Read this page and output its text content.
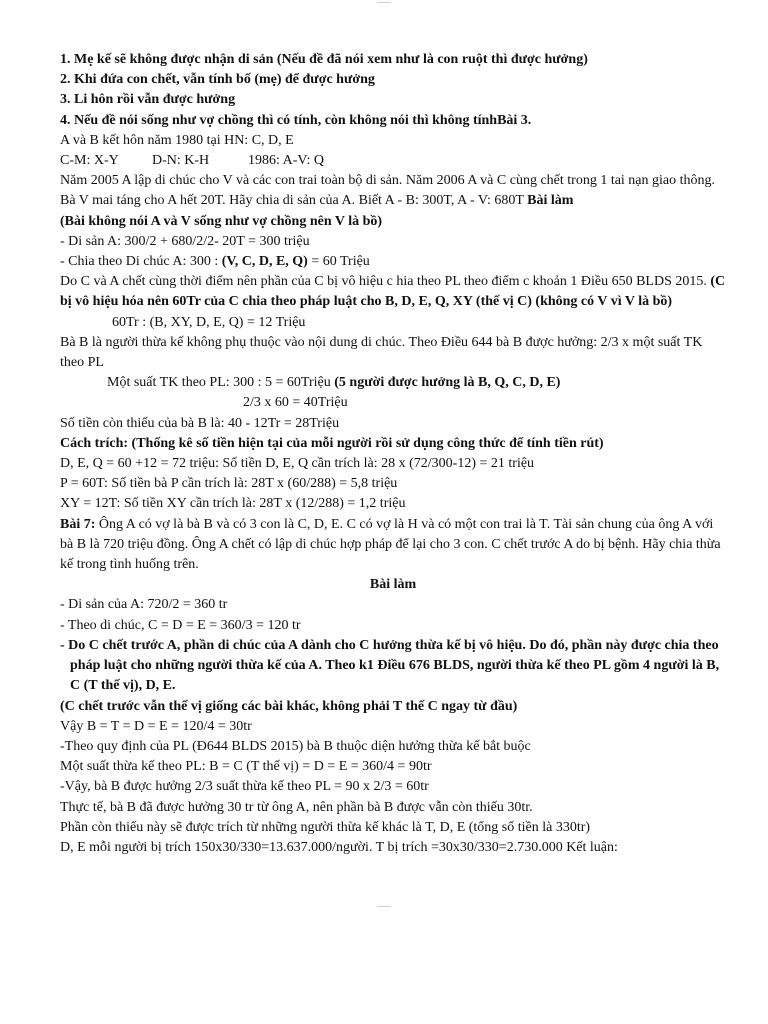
1. Mẹ kế sẽ không được nhận di sản (Nếu đề đã nói xem như là con ruột thì được hưởng)

2. Khi đứa con chết, vẫn tính bố (mẹ) để được hưởng

3. Li hôn rồi vẫn được hưởng

4. Nếu đề nói sống như vợ chồng thì có tính, còn không nói thì không tínhBài 3.

A và B kết hôn năm 1980 tại HN: C, D, E

C-M: X-Y D-N: K-H	1986: A-V: Q

Năm 2005 A lập di chúc cho V và các con trai toàn bộ di sản. Năm 2006 A và C cùng chết trong 1 tai nạn giao thông. Bà V mai táng cho A hết 20T. Hãy chia di sản của A. Biết A - B: 300T, A - V: 680T Bài làm

(Bài không nói A và V sống như vợ chồng nên V là bồ)

- Di sản A: 300/2 + 680/2/2- 20T = 300 triệu

- Chia theo Di chúc A: 300 : (V, C, D, E, Q) = 60 Triệu

Do C và A chết cùng thời điểm nên phần của C bị vô hiệu c hia theo PL theo điểm c khoản 1 Điều 650 BLDS 2015. (C bị vô hiệu hóa nên 60Tr của C chia theo pháp luật cho B, D, E, Q, XY (thế vị C) (không có V vì V là bồ)

60Tr : (B, XY, D, E, Q) = 12 Triệu

Bà B là người thừa kế không phụ thuộc vào nội dung di chúc. Theo Điều 644 bà B được hưởng: 2/3 x một suất TK theo PL

Một suất TK theo PL: 300 : 5 = 60Triệu (5 người được hưởng là B, Q, C, D, E)

2/3 x 60 = 40Triệu

Số tiền còn thiếu của bà B là: 40 - 12Tr = 28Triệu

Cách trích: (Thống kê số tiền hiện tại của mỗi người rồi sử dụng công thức để tính tiền rút)

D, E, Q = 60 +12 = 72 triệu: Số tiền D, E, Q cần trích là: 28 x (72/300-12) = 21 triệu

P = 60T: Số tiền bà P cần trích là: 28T x (60/288) = 5,8 triệu

XY = 12T: Số tiền XY cần trích là: 28T x (12/288) = 1,2 triệu

Bài 7: Ông A có vợ là bà B và có 3 con là C, D, E. C có vợ là H và có một con trai là T. Tài sản chung của ông A với bà B là 720 triệu đồng. Ông A chết có lập di chúc hợp pháp để lại cho 3 con. C chết trước A do bị bệnh. Hãy chia thừa kế trong tình huống trên.

Bài làm

- Di sản của A: 720/2 = 360 tr

- Theo di chúc, C = D = E = 360/3 = 120 tr

- Do C chết trước A, phần di chúc của A dành cho C hưởng thừa kế bị vô hiệu. Do đó, phần này được chia theo pháp luật cho những người thừa kế của A. Theo k1 Điều 676 BLDS, người thừa kế theo PL gồm 4 người là B, C (T thế vị), D, E.

(C chết trước vẫn thế vị giống các bài khác, không phải T thế C ngay từ đầu)

Vậy B = T = D = E = 120/4 = 30tr

-Theo quy định của PL (Đ644 BLDS 2015) bà B thuộc diện hưởng thừa kế bắt buộc

Một suất thừa kế theo PL: B = C (T thế vị) = D = E = 360/4 = 90tr

-Vậy, bà B được hưởng 2/3 suất thừa kế theo PL = 90 x 2/3 = 60tr

Thực tế, bà B đã được hưởng 30 tr từ ông A, nên phần bà B được vẫn còn thiếu 30tr.

Phần còn thiếu này sẽ được trích từ những người thừa kế khác là T, D, E (tổng số tiền là 330tr)

D, E mỗi người bị trích 150x30/330=13.637.000/người. T bị trích =30x30/330=2.730.000 Kết luận:
